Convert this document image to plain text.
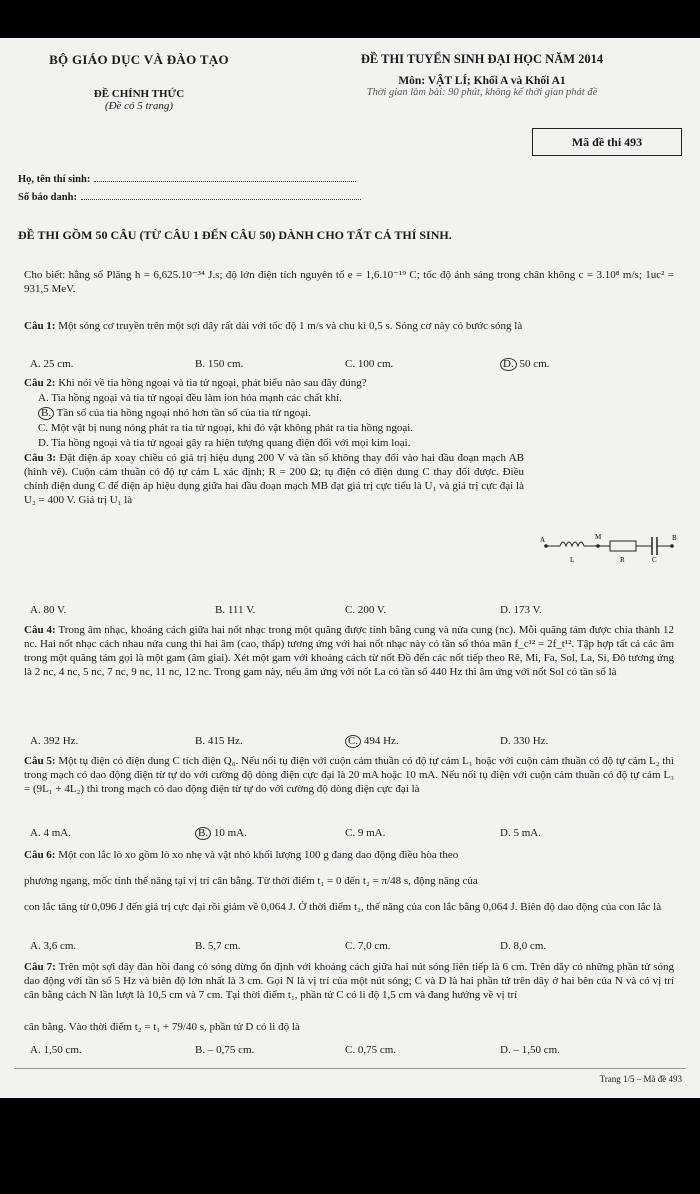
BỘ GIÁO DỤC VÀ ĐÀO TẠO
ĐỀ CHÍNH THỨC
(Đề có 5 trang)
ĐỀ THI TUYỂN SINH ĐẠI HỌC NĂM 2014
Môn: VẬT LÍ; Khối A và Khối A1
Thời gian làm bài: 90 phút, không kể thời gian phát đề
Mã đề thi 493
Họ, tên thí sinh:
Số báo danh:
ĐỀ THI GỒM 50 CÂU (TỪ CÂU 1 ĐẾN CÂU 50) DÀNH CHO TẤT CẢ THÍ SINH.
Cho biết: hằng số Plăng h = 6,625.10⁻³⁴ J.s; độ lớn điện tích nguyên tố e = 1,6.10⁻¹⁹ C; tốc độ ánh sáng trong chân không c = 3.10⁸ m/s; 1uc² = 931,5 MeV.
Câu 1: Một sóng cơ truyền trên một sợi dây rất dài với tốc độ 1 m/s và chu kì 0,5 s. Sóng cơ này có bước sóng là
A. 25 cm.	B. 150 cm.	C. 100 cm.	D. 50 cm.
Câu 2: Khi nói về tia hồng ngoại và tia tử ngoại, phát biểu nào sau đây đúng?
A. Tia hồng ngoại và tia tử ngoại đều làm ion hóa mạnh các chất khí.
B. Tần số của tia hồng ngoại nhỏ hơn tần số của tia tử ngoại.
C. Một vật bị nung nóng phát ra tia tử ngoại, khi đó vật không phát ra tia hồng ngoại.
D. Tia hồng ngoại và tia tử ngoại gây ra hiện tượng quang điện đối với mọi kim loại.
Câu 3: Đặt điện áp xoay chiều có giá trị hiệu dụng 200 V và tần số không thay đổi vào hai đầu đoạn mạch AB (hình vẽ). Cuộn cảm thuần có độ tự cảm L xác định; R = 200 Ω; tụ điện có điện dung C thay đổi được. Điều chỉnh điện dung C để điện áp hiệu dụng giữa hai đầu đoạn mạch MB đạt giá trị cực tiểu là U₁ và giá trị cực đại là U₂ = 400 V. Giá trị U₁ là
A	M	B
L	R	C
A. 80 V.	B. 111 V.	C. 200 V.	D. 173 V.
Câu 4: Trong âm nhạc, khoảng cách giữa hai nốt nhạc trong một quãng được tính bằng cung và nửa cung (nc). Mỗi quãng tám được chia thành 12 nc. Hai nốt nhạc cách nhau nửa cung thì hai âm (cao, thấp) tương ứng với hai nốt nhạc này có tần số thỏa mãn f_c¹² = 2f_t¹². Tập hợp tất cả các âm trong một quãng tám gọi là một gam (âm giai). Xét một gam với khoảng cách từ nốt Đồ đến các nốt tiếp theo Rê, Mi, Fa, Sol, La, Si, Đô tương ứng là 2 nc, 4 nc, 5 nc, 7 nc, 9 nc, 11 nc, 12 nc. Trong gam này, nếu âm ứng với nốt La có tần số 440 Hz thì âm ứng với nốt Sol có tần số là
A. 392 Hz.	B. 415 Hz.	C. 494 Hz.	D. 330 Hz.
Câu 5: Một tụ điện có điện dung C tích điện Q₀. Nếu nối tụ điện với cuộn cảm thuần có độ tự cảm L₁ hoặc với cuộn cảm thuần có độ tự cảm L₂ thì trong mạch có dao động điện từ tự do với cường độ dòng điện cực đại là 20 mA hoặc 10 mA. Nếu nối tụ điện với cuộn cảm thuần có độ tự cảm L₃ = (9L₁ + 4L₂) thì trong mạch có dao động điện từ tự do với cường độ dòng điện cực đại là
A. 4 mA.	B. 10 mA.	C. 9 mA.	D. 5 mA.
Câu 6: Một con lắc lò xo gồm lò xo nhẹ và vật nhỏ khối lượng 100 g đang dao động điều hòa theo
phương ngang, mốc tính thế năng tại vị trí cân bằng. Từ thời điểm t₁ = 0 đến t₂ = π/48 s, động năng của
con lắc tăng từ 0,096 J đến giá trị cực đại rồi giảm về 0,064 J. Ở thời điểm t₂, thế năng của con lắc bằng 0,064 J. Biên độ dao động của con lắc là
A. 3,6 cm.	B. 5,7 cm.	C. 7,0 cm.	D. 8,0 cm.
Câu 7: Trên một sợi dây đàn hồi đang có sóng dừng ổn định với khoảng cách giữa hai nút sóng liên tiếp là 6 cm. Trên dây có những phần tử sóng dao động với tần số 5 Hz và biên độ lớn nhất là 3 cm. Gọi N là vị trí của một nút sóng; C và D là hai phần tử trên dây ở hai bên của N và có vị trí cân bằng cách N lần lượt là 10,5 cm và 7 cm. Tại thời điểm t₁, phần tử C có li độ 1,5 cm và đang hướng về vị trí
cân bằng. Vào thời điểm t₂ = t₁ + 79/40 s, phần tử D có li độ là
A. 1,50 cm.	B. – 0,75 cm.	C. 0,75 cm.	D. – 1,50 cm.
Trang 1/5 – Mã đề 493
